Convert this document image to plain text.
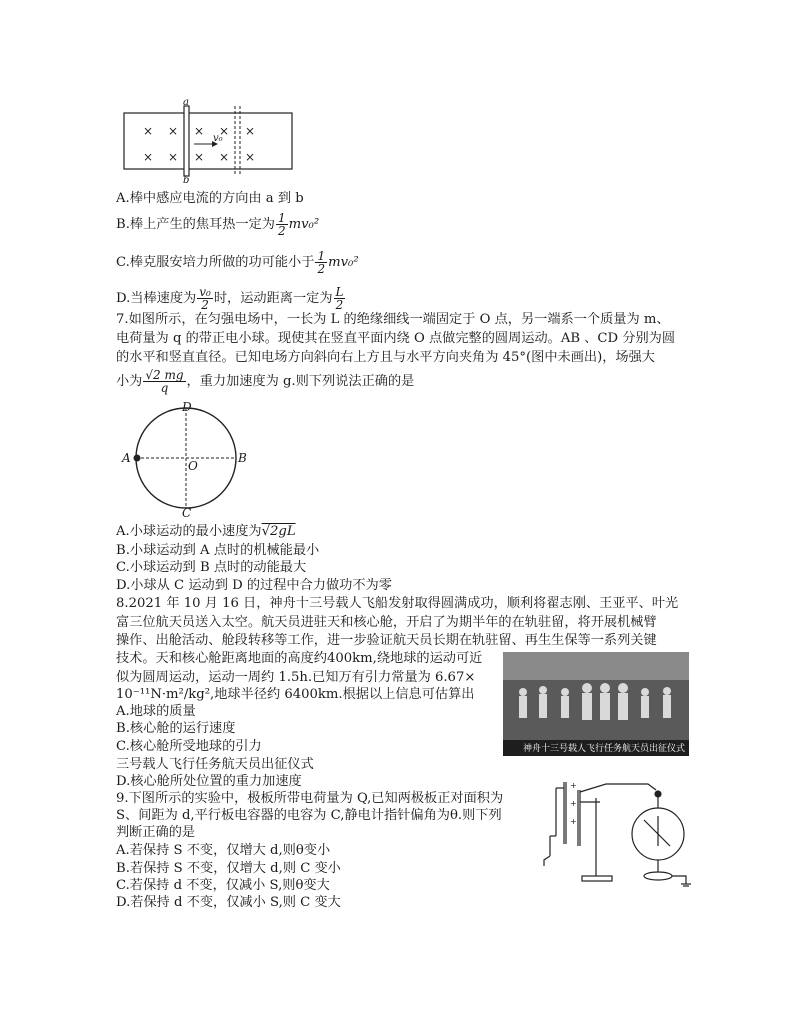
a
b
v₀
× × × × ×
× × × × ×
A.棒中感应电流的方向由 a 到 b
B.棒上产生的焦耳热一定为 $\frac{1}{2} mv_0^2$
C.棒克服安培力所做的功可能小于 $\frac{1}{2} mv_0^2$
D.当棒速度为 $\frac{\text{v₀}}{2}$ 时，运动距离一定为 $\frac{L}{2}$
7.如图所示，在匀强电场中，一长为 L 的绝缘细线一端固定于 O 点，另一端系一个质量为 m、
电荷量为 q 的带正电小球。现使其在竖直平面内绕 O 点做完整的圆周运动。AB 、CD 分别为圆
的水平和竖直直径。已知电场方向斜向右上方且与水平方向夹角为 45°(图中未画出)，场强大
小为 $\frac{√2 mg}{q}$ ，重力加速度为 g.则下列说法正确的是
A	B
C
D
O
A.小球运动的最小速度为√2gL
B.小球运动到 A 点时的机械能最小
C.小球运动到 B 点时的动能最大
D.小球从 C 运动到 D 的过程中合力做功不为零
8.2021 年 10 月 16 日，神舟十三号载人飞船发射取得圆满成功，顺利将翟志刚、王亚平、叶光
富三位航天员送入太空。航天员进驻天和核心舱，开启了为期半年的在轨驻留，将开展机械臂
操作、出舱活动、舱段转移等工作，进一步验证航天员长期在轨驻留、再生生保等一系列关键
技术。天和核心舱距离地面的高度约400km,绕地球的运动可近
似为圆周运动，运动一周约 1.5h.已知万有引力常量为 6.67×
10⁻¹¹N·m²/kg²,地球半径约 6400km.根据以上信息可估算出
A.地球的质量
B.核心舱的运行速度
C.核心舱所受地球的引力
三号载人飞行任务航天员出征仪式
D.核心舱所处位置的重力加速度
神舟十三号载人飞行任务航天员出征仪式
9.下图所示的实验中，极板所带电荷量为 Q,已知两极板正对面积为
S、间距为 d,平行板电容器的电容为 C,静电计指针偏角为θ.则下列
判断正确的是
A.若保持 S 不变，仅增大 d,则θ变小
B.若保持 S 不变，仅增大 d,则 C 变小
C.若保持 d 不变，仅减小 S,则θ变大
D.若保持 d 不变，仅减小 S,则 C 变大
+
+
+
